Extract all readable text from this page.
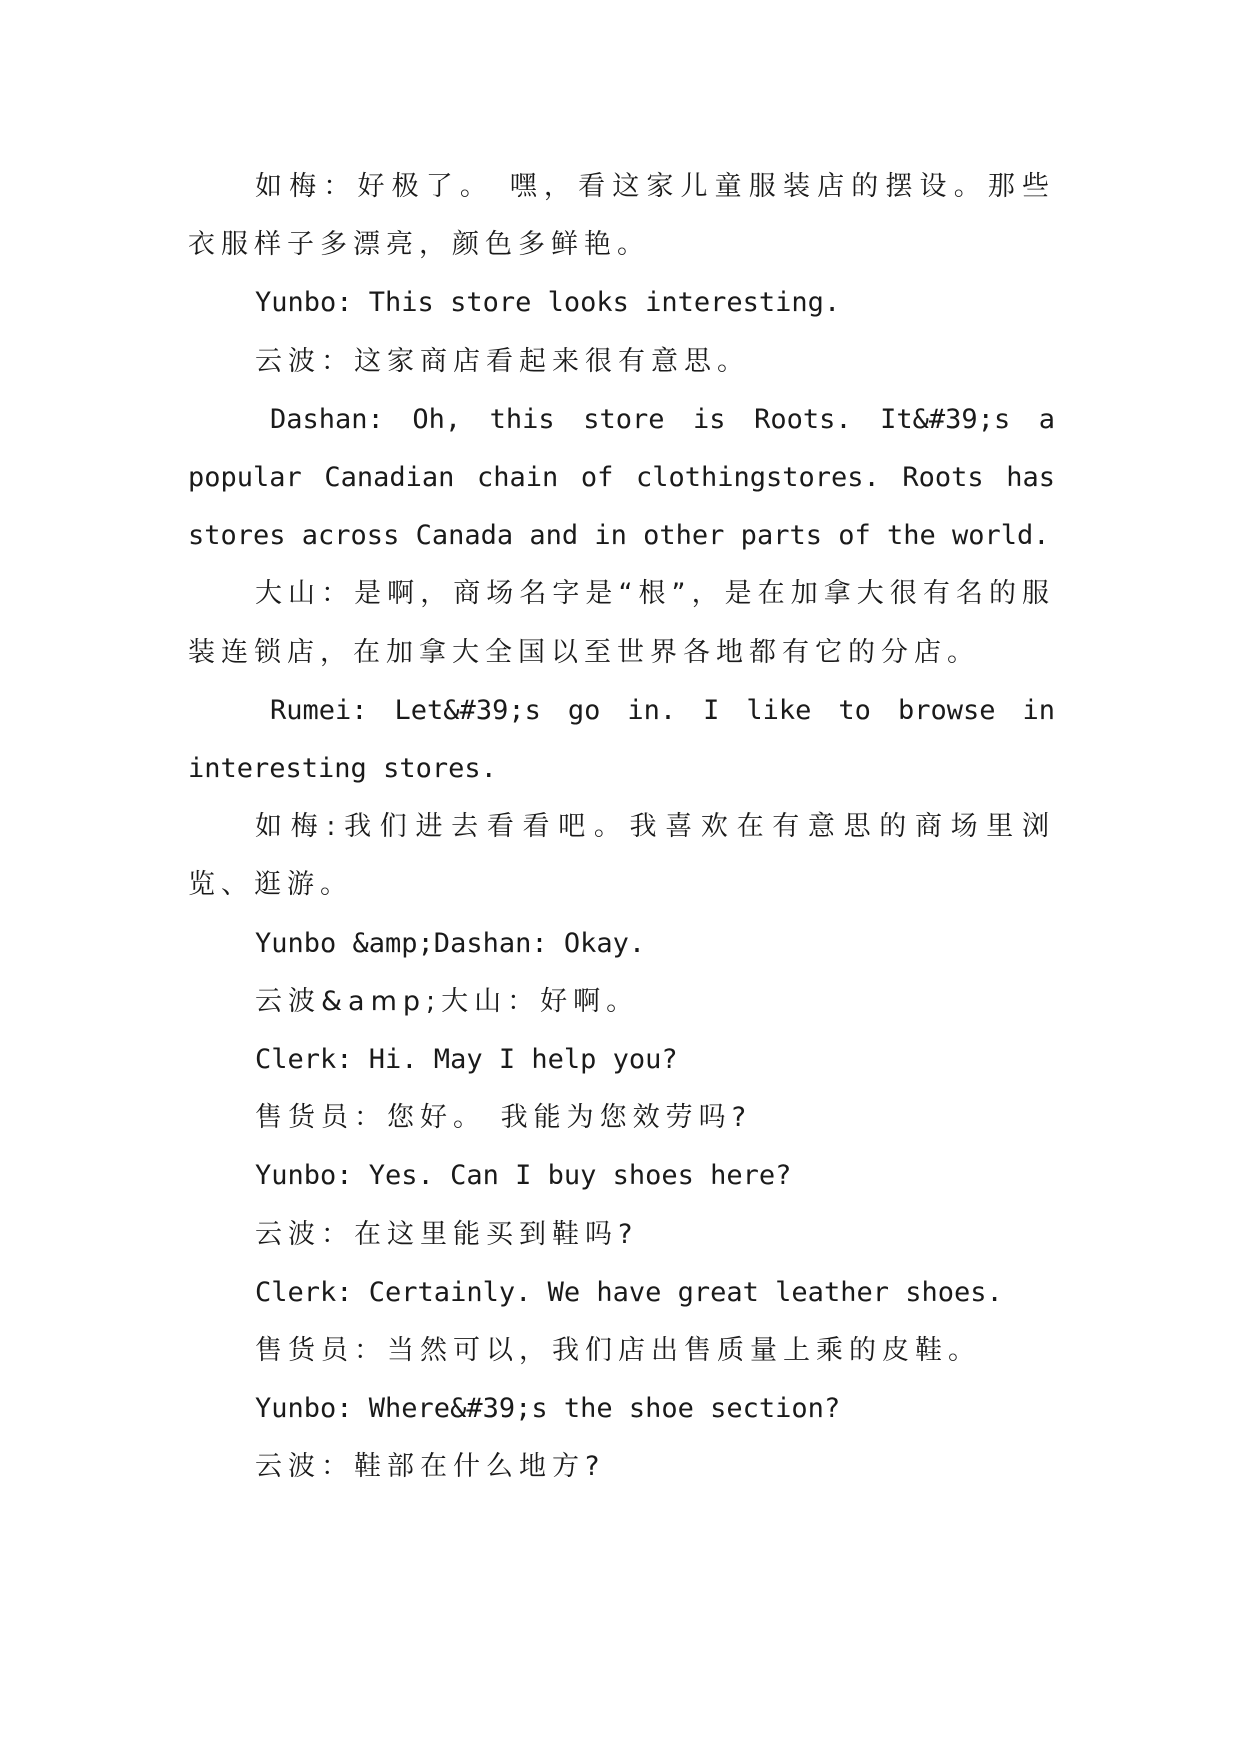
如梅：好极了。 嘿，看这家儿童服装店的摆设。那些衣服样子多漂亮，颜色多鲜艳。

Yunbo: This store looks interesting.

云波：这家商店看起来很有意思。

Dashan: Oh, this store is Roots. It&#39;s a popular Canadian chain of clothingstores. Roots has stores across Canada and in other parts of the world.

大山：是啊，商场名字是“根”，是在加拿大很有名的服装连锁店，在加拿大全国以至世界各地都有它的分店。

Rumei: Let&#39;s go in. I like to browse in interesting stores.

如梅:我们进去看看吧。我喜欢在有意思的商场里浏览、逛游。

Yunbo &amp;Dashan: Okay.

云波&amp;大山：好啊。

Clerk: Hi. May I help you?

售货员：您好。 我能为您效劳吗?

Yunbo: Yes. Can I buy shoes here?

云波：在这里能买到鞋吗?

Clerk: Certainly. We have great leather shoes.

售货员：当然可以，我们店出售质量上乘的皮鞋。

Yunbo: Where&#39;s the shoe section?

云波：鞋部在什么地方?
